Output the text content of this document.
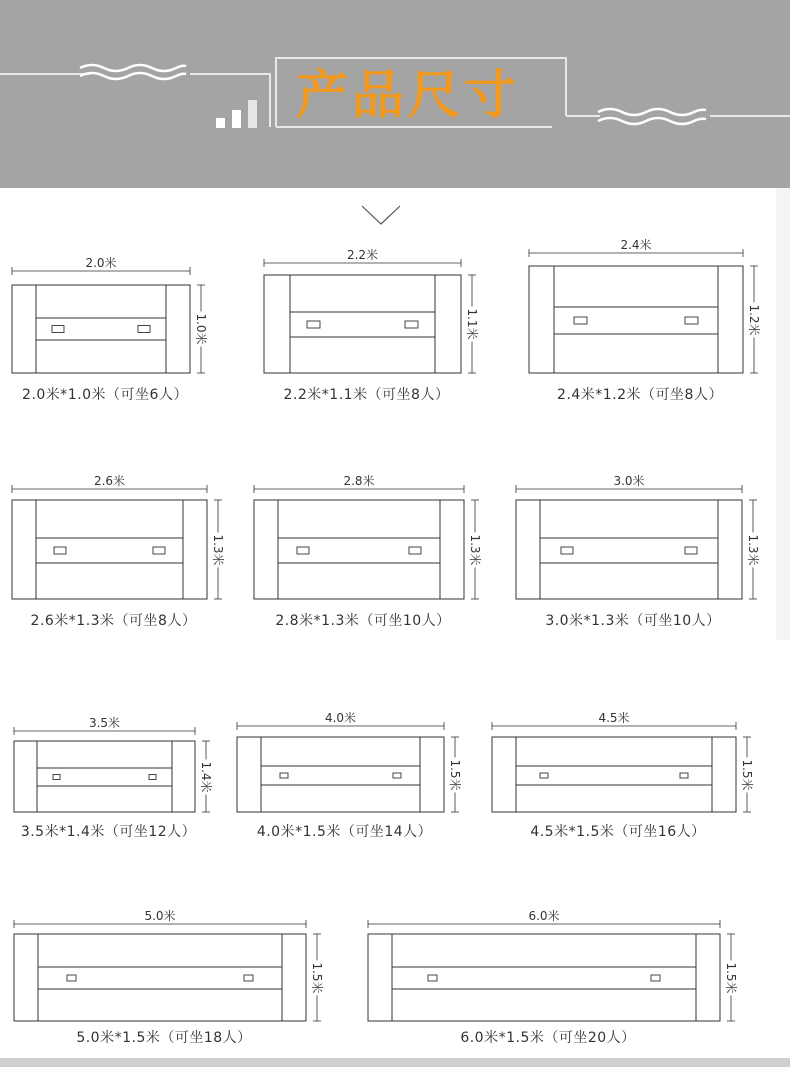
产品尺寸
2.0米
1.0米
2.0米*1.0米（可坐6人）
2.2米
1.1米
2.2米*1.1米（可坐8人）
2.4米
1.2米
2.4米*1.2米（可坐8人）
2.6米
1.3米
2.6米*1.3米（可坐8人）
2.8米
1.3米
2.8米*1.3米（可坐10人）
3.0米
1.3米
3.0米*1.3米（可坐10人）
3.5米
1.4米
3.5米*1.4米（可坐12人）
4.0米
1.5米
4.0米*1.5米（可坐14人）
4.5米
1.5米
4.5米*1.5米（可坐16人）
5.0米
1.5米
5.0米*1.5米（可坐18人）
6.0米
1.5米
6.0米*1.5米（可坐20人）
